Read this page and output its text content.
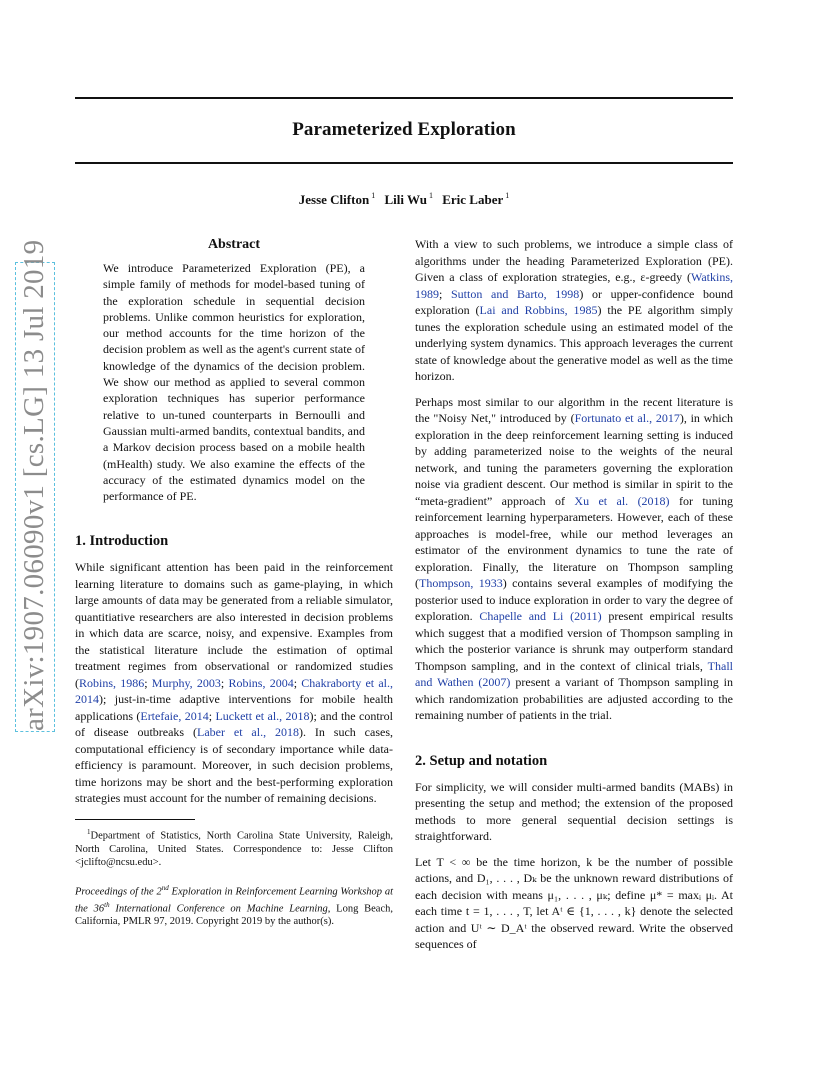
Parameterized Exploration
Jesse Clifton $^1$ Lili Wu $^1$ Eric Laber $^1$
arXiv:1907.06090v1 [cs.LG] 13 Jul 2019	Abstract

We introduce Parameterized Exploration (PE), a simple family of methods for model-based tuning of the exploration schedule in sequential decision problems. Unlike common heuristics for exploration, our method accounts for the time horizon of the decision problem as well as the agent's current state of knowledge of the dynamics of the decision problem. We show our method as applied to several common exploration techniques has superior performance relative to un-tuned counterparts in Bernoulli and Gaussian multi-armed bandits, contextual bandits, and a Markov decision process based on a mobile health (mHealth) study. We also examine the effects of the accuracy of the estimated dynamics model on the performance of PE.

1. Introduction

While significant attention has been paid in the reinforcement learning literature to domains such as game-playing, in which large amounts of data may be generated from a reliable simulator, quantitiative researchers are also interested in decision problems in which data are scarce, noisy, and expensive. Examples from the statistical literature include the estimation of optimal treatment regimes from observational or randomized studies (Robins, 1986; Murphy, 2003; Robins, 2004; Chakraborty et al., 2014); just-in-time adaptive interventions for mobile health applications (Ertefaie, 2014; Luckett et al., 2018); and the control of disease outbreaks (Laber et al., 2018). In such cases, computational efficiency is of secondary importance while data-efficiency is paramount. Moreover, in such decision problems, time horizons may be short and the best-performing exploration strategies must account for the number of remaining decisions.

$^1$Department of Statistics, North Carolina State University, Raleigh, North Carolina, United States. Correspondence to: Jesse Clifton <jclifto@ncsu.edu>.

Proceedings of the 2nd Exploration in Reinforcement Learning Workshop at the 36th International Conference on Machine Learning, Long Beach, California, PMLR 97, 2019. Copyright 2019 by the author(s).

With a view to such problems, we introduce a simple class of algorithms under the heading Parameterized Exploration (PE). Given a class of exploration strategies, e.g., ε-greedy (Watkins, 1989; Sutton and Barto, 1998) or upper-confidence bound exploration (Lai and Robbins, 1985) the PE algorithm simply tunes the exploration schedule using an estimated model of the underlying system dynamics. This approach leverages the current state of knowledge about the generative model as well as the time horizon.

Perhaps most similar to our algorithm in the recent literature is the "Noisy Net," introduced by (Fortunato et al., 2017), in which exploration in the deep reinforcement learning setting is induced by adding parameterized noise to the weights of the neural network, and tuning the parameters governing the exploration noise via gradient descent. Our method is similar in spirit to the “meta-gradient” approach of Xu et al. (2018) for tuning reinforcement learning hyperparameters. However, each of these approaches is model-free, while our method leverages an estimator of the environment dynamics to tune the rate of exploration. Finally, the literature on Thompson sampling (Thompson, 1933) contains several examples of modifying the posterior used to induce exploration in order to vary the degree of exploration. Chapelle and Li (2011) present empirical results which suggest that a modified version of Thompson sampling in which the posterior variance is shrunk may outperform standard Thompson sampling, and in the context of clinical trials, Thall and Wathen (2007) present a variant of Thompson sampling in which randomization probabilities are adjusted according to the remaining number of patients in the trial.

2. Setup and notation

For simplicity, we will consider multi-armed bandits (MABs) in presenting the setup and method; the extension of the proposed methods to more general sequential decision settings is straightforward.

Let T < ∞ be the time horizon, k be the number of possible actions, and D₁, . . . , Dₖ be the unknown reward distributions of each decision with means μ₁, . . . , μₖ; define μ* = maxᵢ μᵢ. At each time t = 1, . . . , T, let Aᵗ ∈ {1, . . . , k} denote the selected action and Uᵗ ∼ D_Aᵗ the observed reward. Write the observed sequences of
